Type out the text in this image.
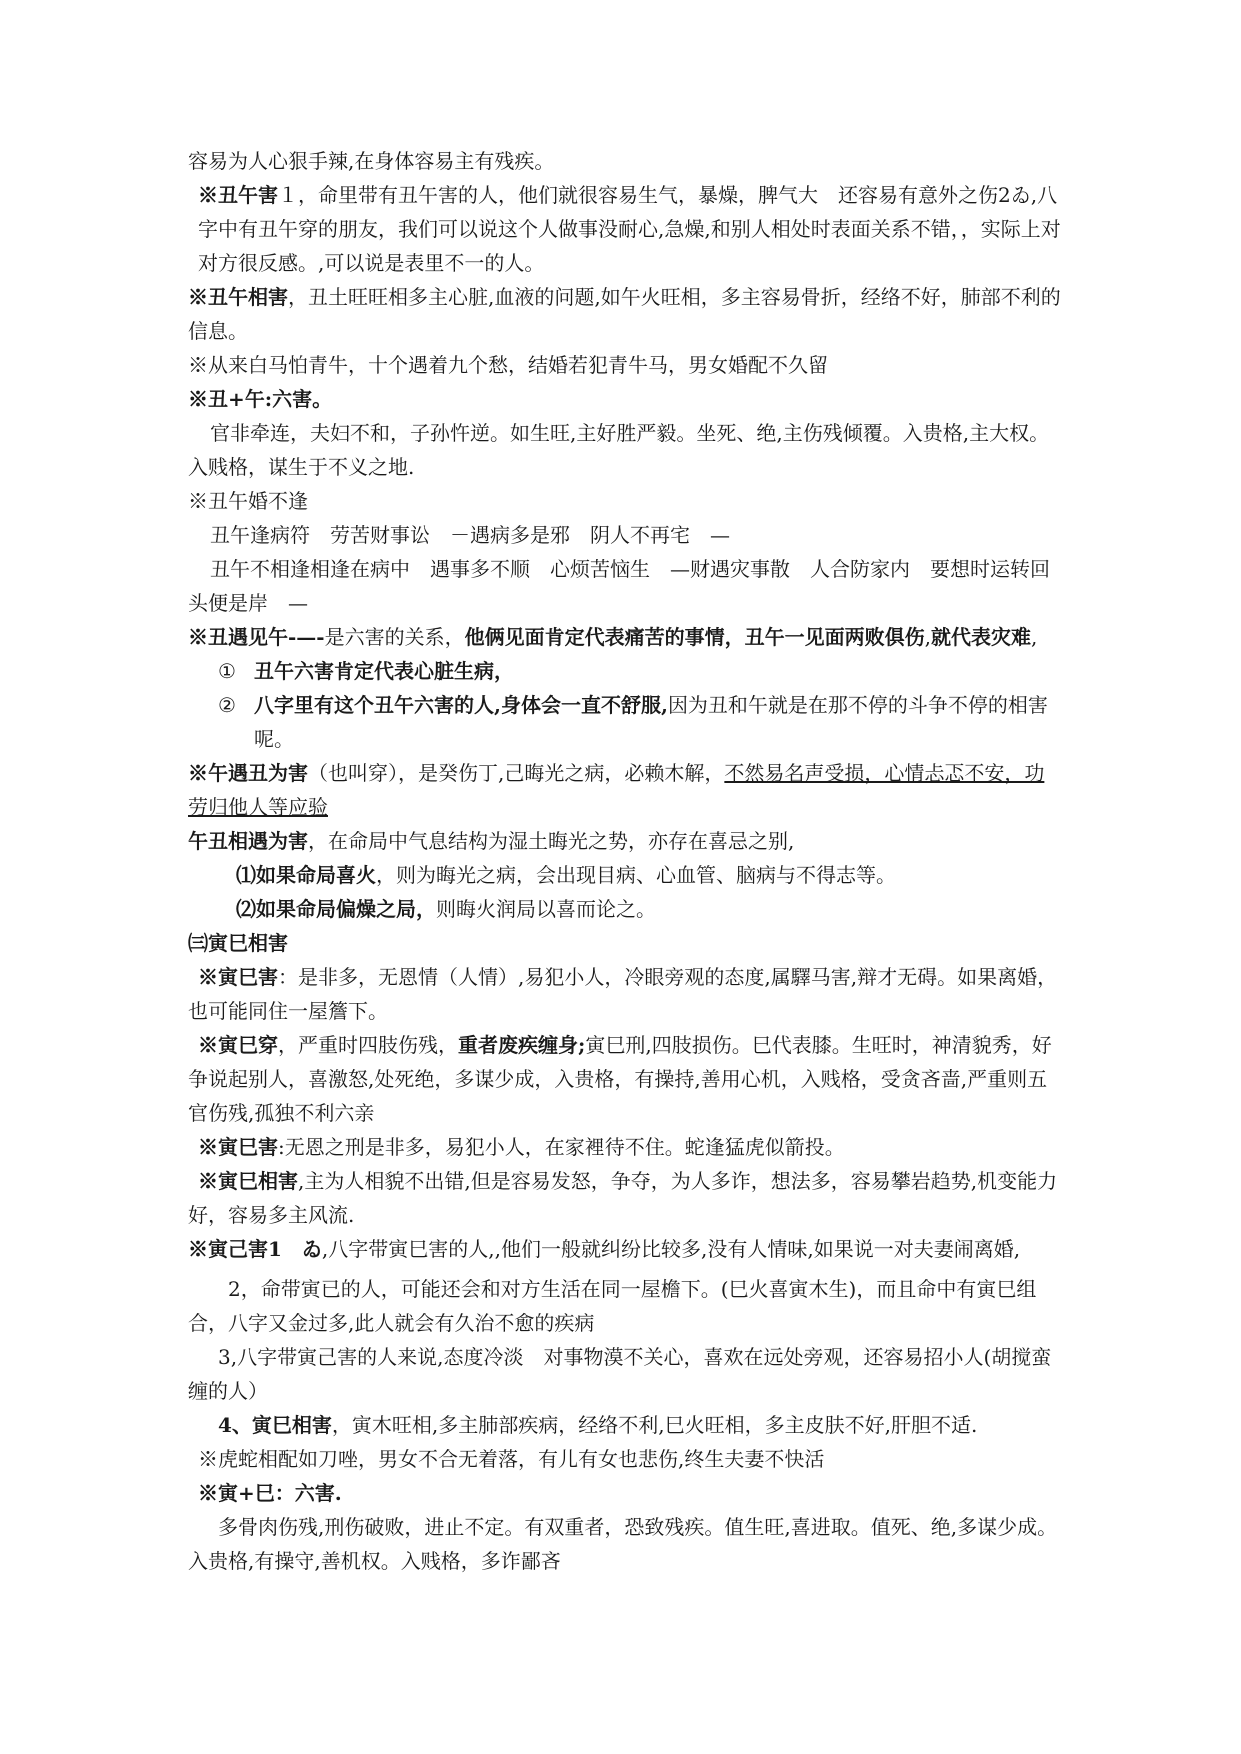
容易为人心狠手辣,在身体容易主有残疾。

※丑午害１，命里带有丑午害的人，他们就很容易生气，暴燥，脾气大　还容易有意外之伤2ゐ,八字中有丑午穿的朋友，我们可以说这个人做事没耐心,急燥,和别人相处时表面关系不错，，实际上对对方很反感。,可以说是表里不一的人。

※丑午相害，丑土旺旺相多主心脏,血液的问题,如午火旺相，多主容易骨折，经络不好，肺部不利的信息。

※从来白马怕青牛，十个遇着九个愁，结婚若犯青牛马，男女婚配不久留

※丑+午:六害。

官非牵连，夫妇不和，子孙忤逆。如生旺,主好胜严毅。坐死、绝,主伤残倾覆。入贵格,主大权。入贱格，谋生于不义之地.

※丑午婚不逢

丑午逢病符　劳苦财事讼　－遇病多是邪　阴人不再宅　—

丑午不相逢相逢在病中　遇事多不顺　心烦苦恼生　—财遇灾事散　人合防家内　要想时运转回头便是岸　—

※丑遇见午-—-是六害的关系，他俩见面肯定代表痛苦的事情，丑午一见面两败俱伤,就代表灾难,

① 丑午六害肯定代表心脏生病，
② 八字里有这个丑午六害的人,身体会一直不舒服,因为丑和午就是在那不停的斗争不停的相害呢。

※午遇丑为害（也叫穿），是癸伤丁,己晦光之病，必赖木解，不然易名声受损，心情忐忑不安，功劳归他人等应验

午丑相遇为害，在命局中气息结构为湿土晦光之势，亦存在喜忌之别,

⑴如果命局喜火，则为晦光之病，会出现目病、心血管、脑病与不得志等。

⑵如果命局偏燥之局，则晦火润局以喜而论之。

㈢寅巳相害

※寅巳害：是非多，无恩情（人情）,易犯小人，冷眼旁观的态度,属驛马害,辩才无碍。如果离婚，也可能同住一屋簷下。

※寅巳穿，严重时四肢伤残，重者废疾缠身;寅巳刑,四肢损伤。巳代表膝。生旺时，神清貌秀，好争说起别人，喜激怒,处死绝，多谋少成，入贵格，有操持,善用心机，入贱格，受贪吝啬,严重则五官伤残,孤独不利六亲

※寅巳害:无恩之刑是非多，易犯小人，在家裡待不住。蛇逢猛虎似箭投。

※寅巳相害,主为人相貌不出错,但是容易发怒，争夺，为人多诈，想法多，容易攀岩趋势,机变能力好，容易多主风流.

※寅己害1　ゐ,八字带寅巳害的人,,他们一般就纠纷比较多,没有人情味,如果说一对夫妻闹离婚,

2，命带寅已的人，可能还会和对方生活在同一屋檐下。(巳火喜寅木生)，而且命中有寅巳组合，八字又金过多,此人就会有久治不愈的疾病

3,八字带寅己害的人来说,态度冷淡　对事物漠不关心，喜欢在远处旁观，还容易招小人(胡搅蛮缠的人）

4、寅巳相害，寅木旺相,多主肺部疾病，经络不利,巳火旺相，多主皮肤不好,肝胆不适.

※虎蛇相配如刀唑，男女不合无着落，有儿有女也悲伤,终生夫妻不快活

※寅+巳：六害.

多骨肉伤残,刑伤破败，进止不定。有双重者，恐致残疾。值生旺,喜进取。值死、绝,多谋少成。入贵格,有操守,善机权。入贱格，多诈鄙吝
